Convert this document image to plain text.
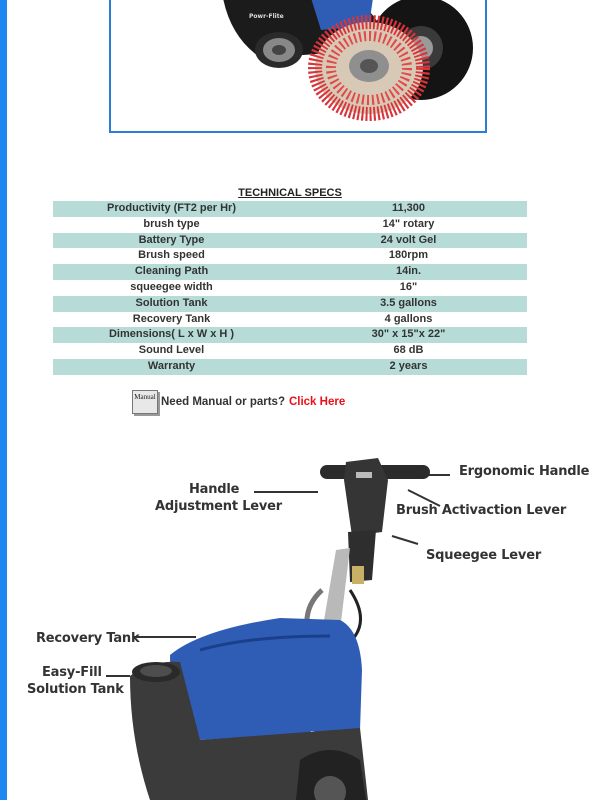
Powr-Flite
TECHNICAL SPECS
Productivity (FT2 per Hr)	11,300
brush type	14" rotary
Battery Type	24 volt Gel
Brush speed	180rpm
Cleaning Path	14in.
squeegee width	16"
Solution Tank	3.5 gallons
Recovery Tank	4 gallons
Dimensions( L x W x H )	30" x 15"x 22"
Sound Level	68 dB
Warranty	2 years
Manual Need Manual or parts? Click Here
Ergonomic Handle
Handle
Adjustment Lever	Brush Activaction Lever
Squeegee Lever
Recovery Tank
Easy-Fill
Solution Tank
